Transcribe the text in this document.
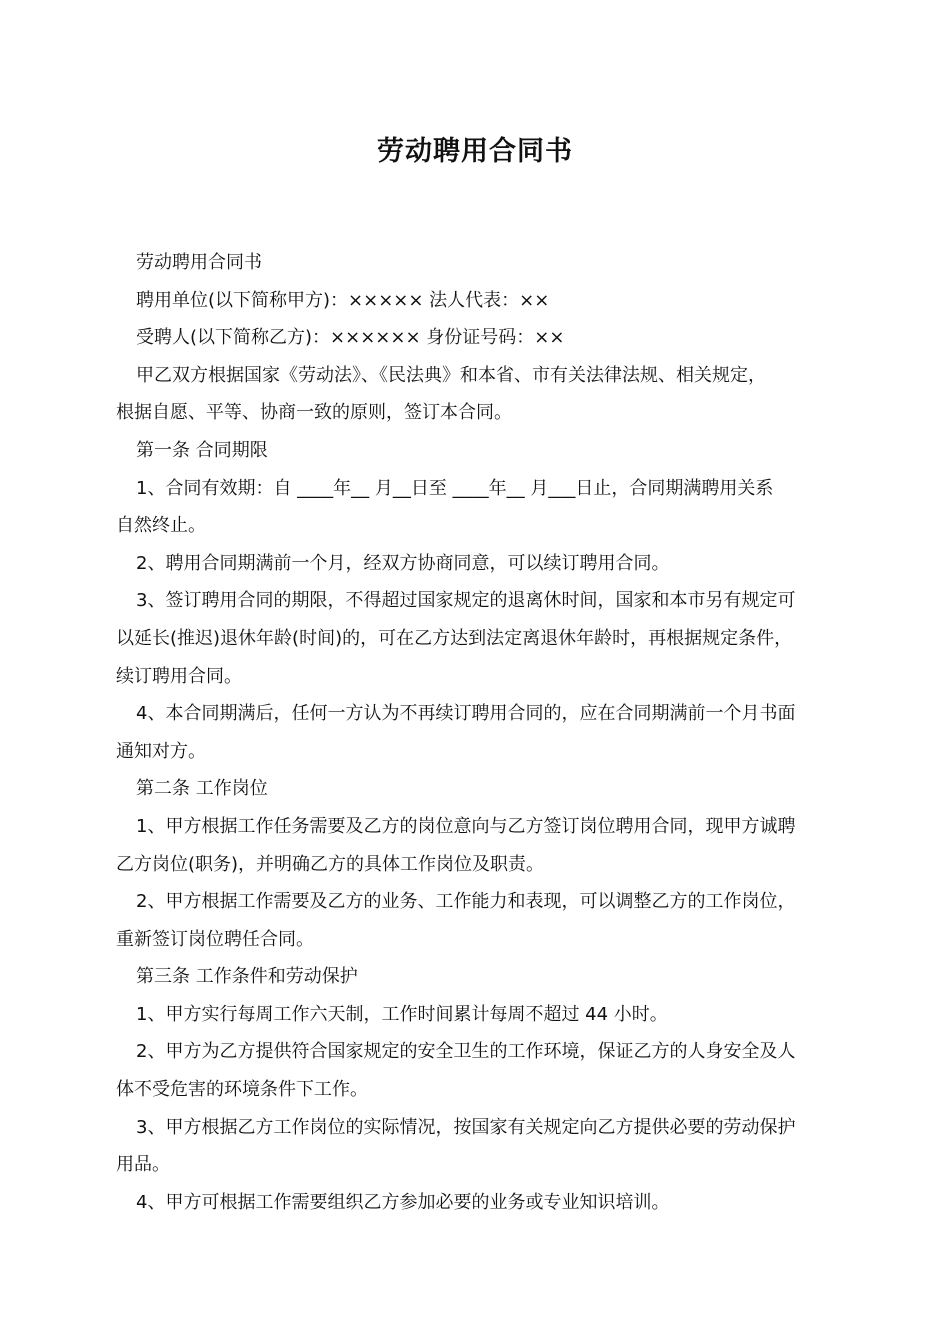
劳动聘用合同书

劳动聘用合同书

聘用单位(以下简称甲方)：××××× 法人代表：××

受聘人(以下简称乙方)：×××××× 身份证号码：××

甲乙双方根据国家《劳动法》、《民法典》和本省、市有关法律法规、相关规定，

根据自愿、平等、协商一致的原则，签订本合同。

第一条 合同期限

1、合同有效期：自 ____年__ 月__日至 ____年__ 月___日止，合同期满聘用关系

自然终止。

2、聘用合同期满前一个月，经双方协商同意，可以续订聘用合同。

3、签订聘用合同的期限，不得超过国家规定的退离休时间，国家和本市另有规定可

以延长(推迟)退休年龄(时间)的，可在乙方达到法定离退休年龄时，再根据规定条件，

续订聘用合同。

4、本合同期满后，任何一方认为不再续订聘用合同的，应在合同期满前一个月书面

通知对方。

第二条 工作岗位

1、甲方根据工作任务需要及乙方的岗位意向与乙方签订岗位聘用合同，现甲方诚聘

乙方岗位(职务)，并明确乙方的具体工作岗位及职责。

2、甲方根据工作需要及乙方的业务、工作能力和表现，可以调整乙方的工作岗位，

重新签订岗位聘任合同。

第三条 工作条件和劳动保护

1、甲方实行每周工作六天制，工作时间累计每周不超过 44 小时。

2、甲方为乙方提供符合国家规定的安全卫生的工作环境，保证乙方的人身安全及人

体不受危害的环境条件下工作。

3、甲方根据乙方工作岗位的实际情况，按国家有关规定向乙方提供必要的劳动保护

用品。

4、甲方可根据工作需要组织乙方参加必要的业务或专业知识培训。
